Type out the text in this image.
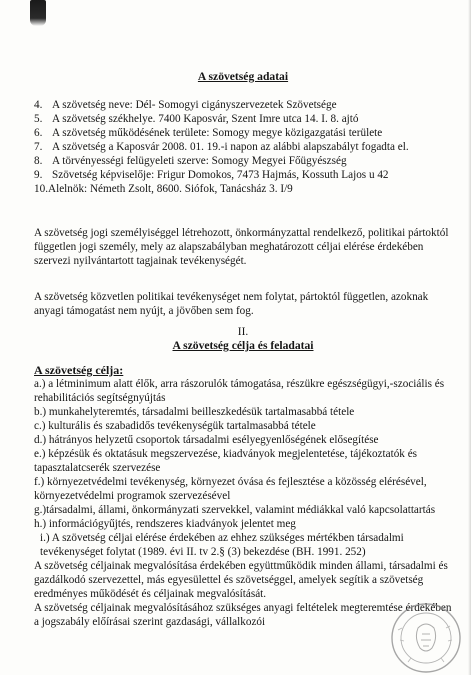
A szövetség adatai
4. A szövetség neve: Dél- Somogyi cigányszervezetek Szövetsége
5. A szövetség székhelye. 7400 Kaposvár, Szent Imre utca 14. I. 8. ajtó
6. A szövetség működésének területe: Somogy megye közigazgatási területe
7. A szövetség a Kaposvár 2008. 01. 19.-i napon az alábbi alapszabályt fogadta el.
8. A törvényességi felügyeleti szerve: Somogy Megyei Főügyészség
9. Szövetség képviselője: Frigur Domokos, 7473 Hajmás, Kossuth Lajos u 42
10. Alelnök: Németh Zsolt, 8600. Siófok, Tanácsház 3. I/9

A szövetség jogi személyiséggel létrehozott, önkormányzattal rendelkező, politikai pártoktól független jogi személy, mely az alapszabályban meghatározott céljai elérése érdekében szervezi nyilvántartott tagjainak tevékenységét.

A szövetség közvetlen politikai tevékenységet nem folytat, pártoktól független, azoknak anyagi támogatást nem nyújt, a jövőben sem fog.

II.
A szövetség célja és feladatai
A szövetség célja:
a.) a létminimum alatt élők, arra rászorulók támogatása, részükre egészségügyi,-szociális és rehabilitációs segítségnyújtás
b.) munkahelyteremtés, társadalmi beilleszkedésük tartalmasabbá tétele
c.) kulturális és szabadidős tevékenységük tartalmasabbá tétele
d.) hátrányos helyzetű csoportok társadalmi esélyegyenlőségének elősegítése
e.) képzésük és oktatásuk megszervezése, kiadványok megjelentetése, tájékoztatók és tapasztalatcserék szervezése
f.) környezetvédelmi tevékenység, környezet óvása és fejlesztése a közösség elérésével, környezetvédelmi programok szervezésével
g.)társadalmi, állami, önkormányzati szervekkel, valamint médiákkal való kapcsolattartás
h.) információgyűjtés, rendszeres kiadványok jelentet meg
i.) A szövetség céljai elérése érdekében az ehhez szükséges mértékben társadalmi tevékenységet folytat (1989. évi II. tv 2.§ (3) bekezdése (BH. 1991. 252)
A szövetség céljainak megvalósítása érdekében együttműködik minden állami, társadalmi és gazdálkodó szervezettel, más egyesülettel és szövetséggel, amelyek segítik a szövetség eredményes működését és céljainak megvalósítását.
A szövetség céljainak megvalósításához szükséges anyagi feltételek megteremtése érdekében a jogszabály előírásai szerint gazdasági, vállalkozói
